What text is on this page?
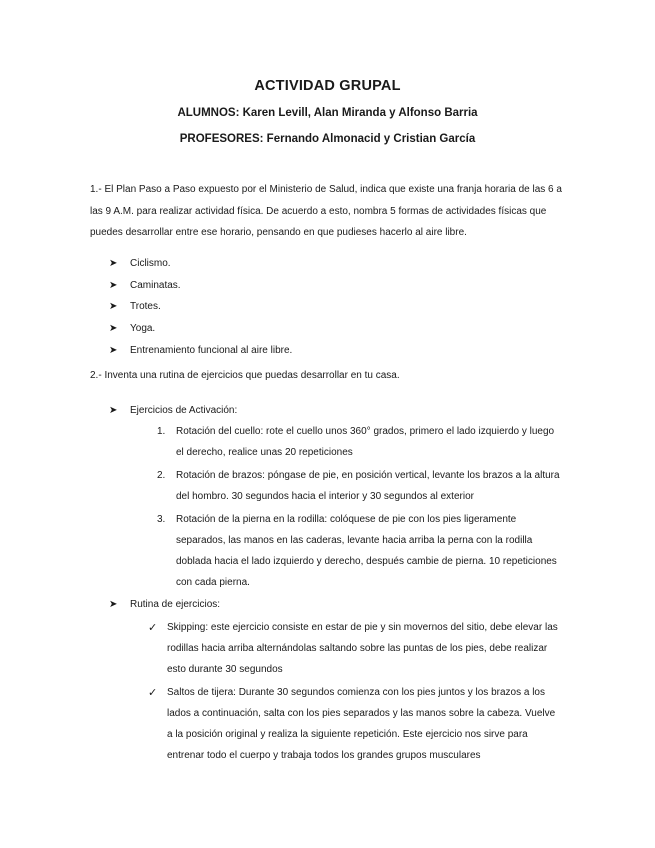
ACTIVIDAD GRUPAL
ALUMNOS: Karen Levill, Alan Miranda y Alfonso Barria
PROFESORES: Fernando Almonacid y Cristian García
1.- El Plan Paso a Paso expuesto por el Ministerio de Salud, indica que existe una franja horaria de las 6 a las 9 A.M. para realizar actividad física. De acuerdo a esto, nombra 5 formas de actividades físicas que puedes desarrollar entre ese horario, pensando en que pudieses hacerlo al aire libre.
➤ Ciclismo.
➤ Caminatas.
➤ Trotes.
➤ Yoga.
➤ Entrenamiento funcional al aire libre.
2.- Inventa una rutina de ejercicios que puedas desarrollar en tu casa.
➤ Ejercicios de Activación:
1. Rotación del cuello: rote el cuello unos 360° grados, primero el lado izquierdo y luego el derecho, realice unas 20 repeticiones
2. Rotación de brazos: póngase de pie, en posición vertical, levante los brazos a la altura del hombro. 30 segundos hacia el interior y 30 segundos al exterior
3. Rotación de la pierna en la rodilla: colóquese de pie con los pies ligeramente separados, las manos en las caderas, levante hacia arriba la perna con la rodilla doblada hacia el lado izquierdo y derecho, después cambie de pierna. 10 repeticiones con cada pierna.
➤ Rutina de ejercicios:
✓ Skipping: este ejercicio consiste en estar de pie y sin movernos del sitio, debe elevar las rodillas hacia arriba alternándolas saltando sobre las puntas de los pies, debe realizar esto durante 30 segundos
✓ Saltos de tijera: Durante 30 segundos comienza con los pies juntos y los brazos a los lados a continuación, salta con los pies separados y las manos sobre la cabeza. Vuelve a la posición original y realiza la siguiente repetición. Este ejercicio nos sirve para entrenar todo el cuerpo y trabaja todos los grandes grupos musculares
